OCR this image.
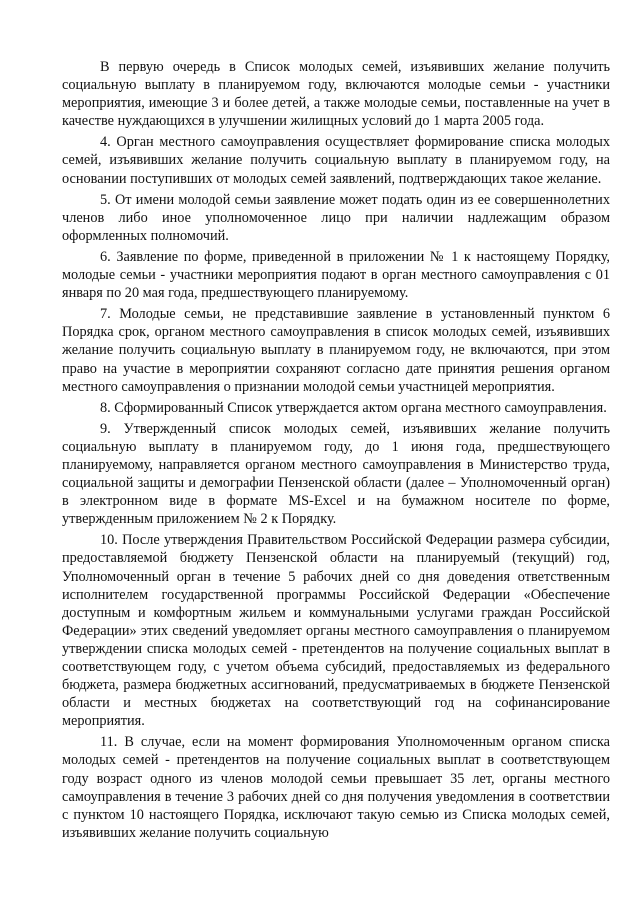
В первую очередь в Список молодых семей, изъявивших желание получить социальную выплату в планируемом году, включаются молодые семьи - участники мероприятия, имеющие 3 и более детей, а также молодые семьи, поставленные на учет в качестве нуждающихся в улучшении жилищных условий до 1 марта 2005 года.

4. Орган местного самоуправления осуществляет формирование списка молодых семей, изъявивших желание получить социальную выплату в планируемом году, на основании поступивших от молодых семей заявлений, подтверждающих такое желание.

5. От имени молодой семьи заявление может подать один из ее совершеннолетних членов либо иное уполномоченное лицо при наличии надлежащим образом оформленных полномочий.

6. Заявление по форме, приведенной в приложении № 1 к настоящему Порядку, молодые семьи - участники мероприятия подают в орган местного самоуправления с 01 января по 20 мая года, предшествующего планируемому.

7. Молодые семьи, не представившие заявление в установленный пунктом 6 Порядка срок, органом местного самоуправления в список молодых семей, изъявивших желание получить социальную выплату в планируемом году, не включаются, при этом право на участие в мероприятии сохраняют согласно дате принятия решения органом местного самоуправления о признании молодой семьи участницей мероприятия.

8. Сформированный Список утверждается актом органа местного самоуправления.

9. Утвержденный список молодых семей, изъявивших желание получить социальную выплату в планируемом году, до 1 июня года, предшествующего планируемому, направляется органом местного самоуправления в Министерство труда, социальной защиты и демографии Пензенской области (далее – Уполномоченный орган) в электронном виде в формате MS-Excel и на бумажном носителе по форме, утвержденным приложением № 2 к Порядку.

10. После утверждения Правительством Российской Федерации размера субсидии, предоставляемой бюджету Пензенской области на планируемый (текущий) год, Уполномоченный орган в течение 5 рабочих дней со дня доведения ответственным исполнителем государственной программы Российской Федерации «Обеспечение доступным и комфортным жильем и коммунальными услугами граждан Российской Федерации» этих сведений уведомляет органы местного самоуправления о планируемом утверждении списка молодых семей - претендентов на получение социальных выплат в соответствующем году, с учетом объема субсидий, предоставляемых из федерального бюджета, размера бюджетных ассигнований, предусматриваемых в бюджете Пензенской области и местных бюджетах на соответствующий год на софинансирование мероприятия.

11. В случае, если на момент формирования Уполномоченным органом списка молодых семей - претендентов на получение социальных выплат в соответствующем году возраст одного из членов молодой семьи превышает 35 лет, органы местного самоуправления в течение 3 рабочих дней со дня получения уведомления в соответствии с пунктом 10 настоящего Порядка, исключают такую семью из Списка молодых семей, изъявивших желание получить социальную
